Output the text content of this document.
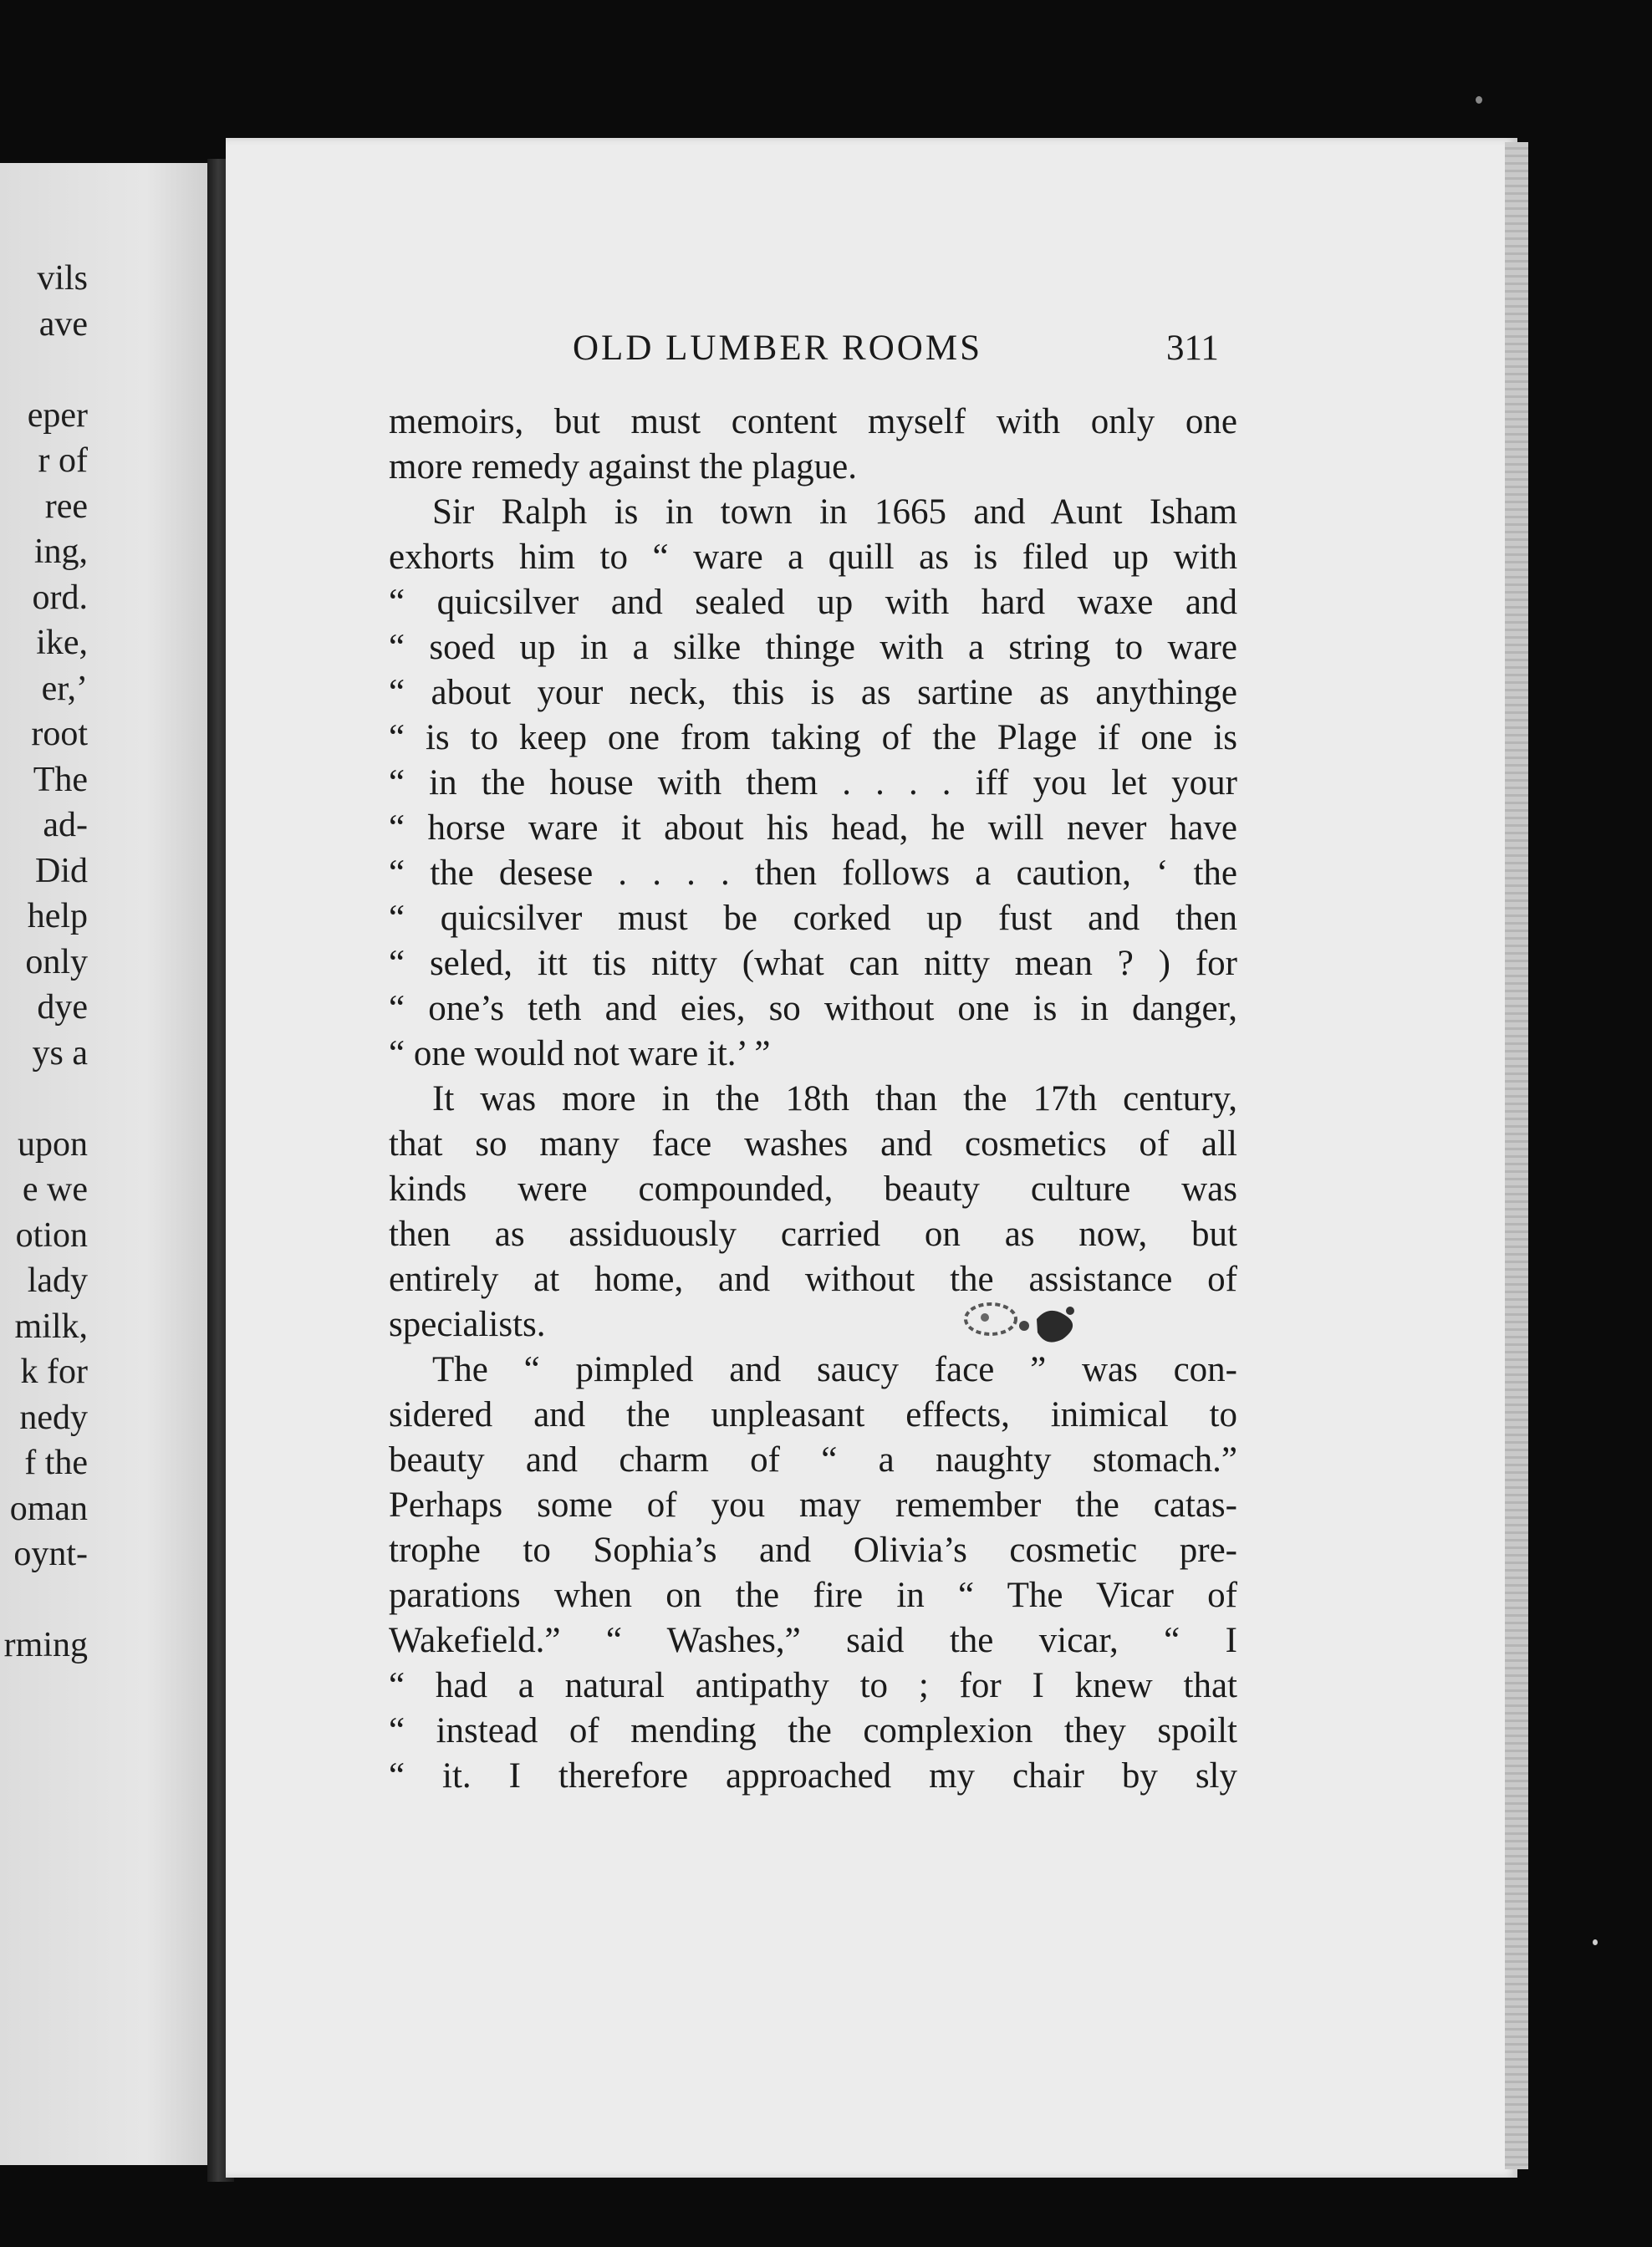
vils
ave
eper
r of
ree
ing,
ord.
ike,
er,’
root
The
ad-
Did
help
only
dye
ys a
upon
e we
otion
lady
milk,
k for
nedy
f the
oman
oynt-
rming
OLD LUMBER ROOMS	311
memoirs, but must content myself with only one
more remedy against the plague.
Sir Ralph is in town in 1665 and Aunt Isham
exhorts him to “ ware a quill as is filed up with
“ quicsilver and sealed up with hard waxe and
“ soed up in a silke thinge with a string to ware
“ about your neck, this is as sartine as anythinge
“ is to keep one from taking of the Plage if one is
“ in the house with them . . . . iff you let your
“ horse ware it about his head, he will never have
“ the desese . . . . then follows a caution, ‘ the
“ quicsilver must be corked up fust and then
“ seled, itt tis nitty (what can nitty mean ? ) for
“ one’s teth and eies, so without one is in danger,
“ one would not ware it.’ ”
It was more in the 18th than the 17th century,
that so many face washes and cosmetics of all
kinds were compounded, beauty culture was
then as assiduously carried on as now, but
entirely at home, and without the assistance of
specialists.
The “ pimpled and saucy face ” was con-
sidered and the unpleasant effects, inimical to
beauty and charm of “ a naughty stomach.”
Perhaps some of you may remember the catas-
trophe to Sophia’s and Olivia’s cosmetic pre-
parations when on the fire in “ The Vicar of
Wakefield.” “ Washes,” said the vicar, “ I
“ had a natural antipathy to ; for I knew that
“ instead of mending the complexion they spoilt
“ it. I therefore approached my chair by sly
